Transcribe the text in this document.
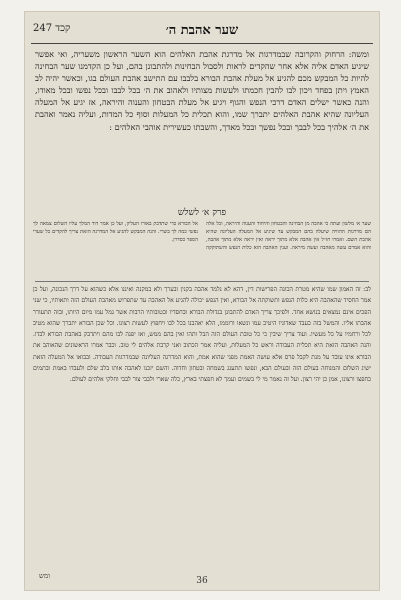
קכד 247	שער אהבת ה׳
ומשה: הרחוק והקרובה שבמדרגות אל מדרגת אהבת האלהים הוא השער הראשון משעריה, ואי אפשר שיגיע האדם אליה אלא אחר שהקדים לראות ולסבול הבחינות ולהתבונן בהם, ועל כן הקדמנו שער הבחינה להיות כל המבקש מכם להגיע אל מעלת אהבת הבורא בלבבו עם התישב אהבת העולם בגו, וכאשר יהיה לב האמץ ויתן בפחד ויכון לבו להבין חכמתו ולעשות מצותיו ולאהוב את ה׳ בכל לבבו ובכל נפשו ובכל מאודו, והנה כאשר ישלים האדם דרכי הנפש והגוף ויגיע אל מעלת הבטחון והענוה והיראה, אז יגיע אל המעלה העליונה שהיא אהבת האלהים יתברך שמו, והוא תכלית כל המעלות וסוף כל המדות, ועליה נאמר ואהבת את ה׳ אלהיך בכל לבבך ובכל נפשך ובכל מאדך, והשבתו כעשירית אוהבי האלהים :
פרק א׳ לשלש
שער א׳ מלשון ועתה כי אהבה מן הבחינה והבטחון והיחוד והענוה והיראה, וכל אלה הם מדרגות ההוויה שיעלה בהם המבקש עד שיגיע אל המעלה העליונה שהיא אהבת השם. ואמרו חז״ל אין אהבה אלא מתוך יראה ואין יראה אלא מתוך אהבה, והוא אמרם עשה מאהבה ועשה מיראה. וענין האהבה הוא כלות הנפש והשתוקקה אל הבורא כדי שתדבק באורו העליון, ועל כן אמר דוד המלך עליו השלום צמאה לך נפשי כמה לך בשרי. והנה המבקש להגיע אל המדרגה הזאת צריך להקדים כל שערי הספר כסדרן.
לב: זה האמון שמו שהיא מטרת הכונה הפרישות דין, דהא לא נלמד אהבה בקנין ובערך ולא במקנה ואיננו אלא כשהוא על דרך הנכונה, ועל כן אמר החסיד שהאהבה היא כלות הנפש ותשוקתה אל הבורא, ואין הנפש יכולה להגיע אל האהבה עד שתפרוש מאהבת העולם הזה ותאותיו, כי שני הפכים אינם נמצאים בנושא אחד. ולפיכך צריך האדם להתבונן בגדולת הבורא ובחסדיו ובטובותיו הרבות אשר גמל עמו מיום היותו, ובזה תתעורר אהבתו אליו. והמשל בזה כעבד שאדוניו היטיב עמו ונשאו ורוממו, הלא יאהבנו בכל לבו ויחפוץ לעשות רצונו. וכל שכן הבורא יתברך שהוא מטיב לכל ורחמיו על כל מעשיו. ועוד צריך שיבין כי כל טובת העולם הזה הבל ותהו ואין בהם ממש, ואז יפנה לבו מהם ויתדבק באהבת הבורא לבדו. והנה האהבה הזאת היא תכלית העבודה וראש כל המעלות, ועליה אמר הכתוב ואני קרבת אלהים לי טוב. וכבר אמרו הראשונים שהאוהב את הבורא אינו עובד על מנת לקבל פרס אלא עושה האמת מפני שהוא אמת, והוא המדרגה העליונה שבמדרגות העבודה. ובבואו אל המעלה הזאת ישיג השלום והמנוחה בעולם הזה ובעולם הבא, ונפשו תתענג בשמחה ובטחון וחדוה. והשם יזכנו לאהבה אותו בלב שלם ולעבדו באמת ובתמים כחפצו ורצונו, אמן כן יהי רצון. ועל זה נאמר מי לי בשמים ועמך לא חפצתי בארץ, כלה שארי ולבבי צור לבבי וחלקי אלהים לעולם.
ומש	36
